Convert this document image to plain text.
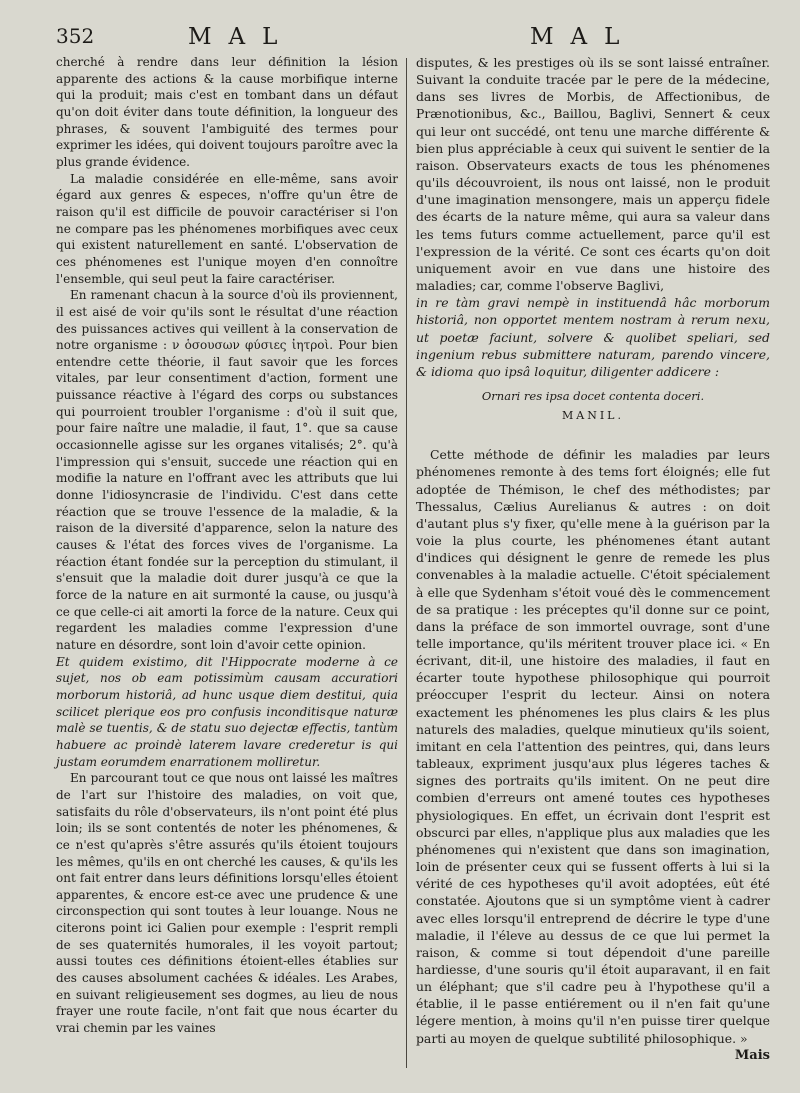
352	MAL	MAL

cherché à rendre dans leur définition la lésion apparente des actions & la cause morbifique interne qui la produit; mais c'est en tombant dans un défaut qu'on doit éviter dans toute définition, la longueur des phrases, & souvent l'ambiguité des termes pour exprimer les idées, qui doivent toujours paroître avec la plus grande évidence.

La maladie considérée en elle-même, sans avoir égard aux genres & especes, n'offre qu'un être de raison qu'il est difficile de pouvoir caractériser si l'on ne compare pas les phénomenes morbifiques avec ceux qui existent naturellement en santé. L'observation de ces phénomenes est l'unique moyen d'en connoître l'ensemble, qui seul peut la faire caractériser.

En ramenant chacun à la source d'où ils proviennent, il est aisé de voir qu'ils sont le résultat d'une réaction des puissances actives qui veillent à la conservation de notre organisme : ν ὁσουσων φύσιες ἰητροὶ. Pour bien entendre cette théorie, il faut savoir que les forces vitales, par leur consentiment d'action, forment une puissance réactive à l'égard des corps ou substances qui pourroient troubler l'organisme : d'où il suit que, pour faire naître une maladie, il faut, 1°. que sa cause occasionnelle agisse sur les organes vitalisés; 2°. qu'à l'impression qui s'ensuit, succede une réaction qui en modifie la nature en l'offrant avec les attributs que lui donne l'idiosyncrasie de l'individu. C'est dans cette réaction que se trouve l'essence de la maladie, & la raison de la diversité d'apparence, selon la nature des causes & l'état des forces vives de l'organisme. La réaction étant fondée sur la perception du stimulant, il s'ensuit que la maladie doit durer jusqu'à ce que la force de la nature en ait surmonté la cause, ou jusqu'à ce que celle-ci ait amorti la force de la nature. Ceux qui regardent les maladies comme l'expression d'une nature en désordre, sont loin d'avoir cette opinion.

Et quidem existimo, dit l'Hippocrate moderne à ce sujet, nos ob eam potissimùm causam accuratiori morborum historiâ, ad hunc usque diem destitui, quia scilicet plerique eos pro confusis inconditisque naturæ malè se tuentis, & de statu suo dejectæ effectis, tantùm habuere ac proindè laterem lavare crederetur is qui justam eorumdem enarrationem molliretur.

En parcourant tout ce que nous ont laissé les maîtres de l'art sur l'histoire des maladies, on voit que, satisfaits du rôle d'observateurs, ils n'ont point été plus loin; ils se sont contentés de noter les phénomenes, & ce n'est qu'après s'être assurés qu'ils étoient toujours les mêmes, qu'ils en ont cherché les causes, & qu'ils les ont fait entrer dans leurs définitions lorsqu'elles étoient apparentes, & encore est-ce avec une prudence & une circonspection qui sont toutes à leur louange. Nous ne citerons point ici Galien pour exemple : l'esprit rempli de ses quaternités humorales, il les voyoit partout; aussi toutes ces définitions étoient-elles établies sur des causes absolument cachées & idéales. Les Arabes, en suivant religieusement ses dogmes, au lieu de nous frayer une route facile, n'ont fait que nous écarter du vrai chemin par les vaines

disputes, & les prestiges où ils se sont laissé entraîner. Suivant la conduite tracée par le pere de la médecine, dans ses livres de Morbis, de Affectionibus, de Prænotionibus, &c., Baillou, Baglivi, Sennert & ceux qui leur ont succédé, ont tenu une marche différente & bien plus appréciable à ceux qui suivent le sentier de la raison. Observateurs exacts de tous les phénomenes qu'ils découvroient, ils nous ont laissé, non le produit d'une imagination mensongere, mais un apperçu fidele des écarts de la nature même, qui aura sa valeur dans les tems futurs comme actuellement, parce qu'il est l'expression de la vérité. Ce sont ces écarts qu'on doit uniquement avoir en vue dans une histoire des maladies; car, comme l'observe Baglivi,

in re tàm gravi nempè in instituendâ hâc morborum historiâ, non opportet mentem nostram à rerum nexu, ut poetæ faciunt, solvere & quolibet speliari, sed ingenium rebus submittere naturam, parendo vincere, & idioma quo ipsâ loquitur, diligenter addicere :

Ornari res ipsa docet contenta doceri.
MANIL.

Cette méthode de définir les maladies par leurs phénomenes remonte à des tems fort éloignés; elle fut adoptée de Thémison, le chef des méthodistes; par Thessalus, Cælius Aurelianus & autres : on doit d'autant plus s'y fixer, qu'elle mene à la guérison par la voie la plus courte, les phénomenes étant autant d'indices qui désignent le genre de remede les plus convenables à la maladie actuelle. C'étoit spécialement à elle que Sydenham s'étoit voué dès le commencement de sa pratique : les préceptes qu'il donne sur ce point, dans la préface de son immortel ouvrage, sont d'une telle importance, qu'ils méritent trouver place ici. « En écrivant, dit-il, une histoire des maladies, il faut en écarter toute hypothese philosophique qui pourroit préoccuper l'esprit du lecteur. Ainsi on notera exactement les phénomenes les plus clairs & les plus naturels des maladies, quelque minutieux qu'ils soient, imitant en cela l'attention des peintres, qui, dans leurs tableaux, expriment jusqu'aux plus légeres taches & signes des portraits qu'ils imitent. On ne peut dire combien d'erreurs ont amené toutes ces hypotheses physiologiques. En effet, un écrivain dont l'esprit est obscurci par elles, n'applique plus aux maladies que les phénomenes qui n'existent que dans son imagination, loin de présenter ceux qui se fussent offerts à lui si la vérité de ces hypotheses qu'il avoit adoptées, eût été constatée. Ajoutons que si un symptôme vient à cadrer avec elles lorsqu'il entreprend de décrire le type d'une maladie, il l'éleve au dessus de ce que lui permet la raison, & comme si tout dépendoit d'une pareille hardiesse, d'une souris qu'il étoit auparavant, il en fait un éléphant; que s'il cadre peu à l'hypothese qu'il a établie, il le passe entiérement ou il n'en fait qu'une légere mention, à moins qu'il n'en puisse tirer quelque parti au moyen de quelque subtilité philosophique. »

Mais
